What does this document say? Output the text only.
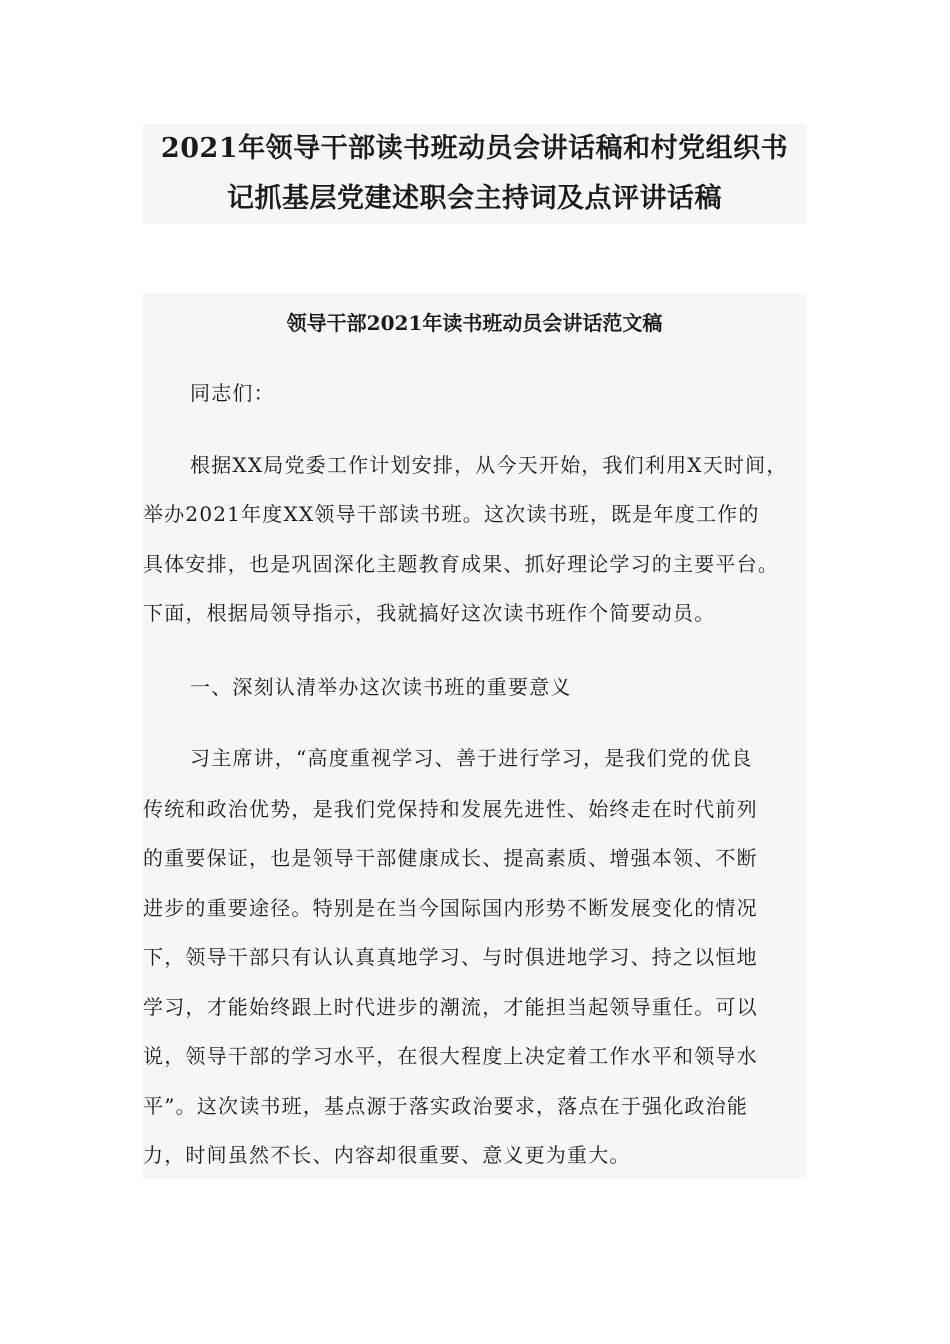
2021年领导干部读书班动员会讲话稿和村党组织书
记抓基层党建述职会主持词及点评讲话稿
领导干部2021年读书班动员会讲话范文稿
同志们：
根据XX局党委工作计划安排，从今天开始，我们利用X天时间，
举办2021年度XX领导干部读书班。这次读书班，既是年度工作的
具体安排，也是巩固深化主题教育成果、抓好理论学习的主要平台。
下面，根据局领导指示，我就搞好这次读书班作个简要动员。
一、深刻认清举办这次读书班的重要意义
习主席讲，“高度重视学习、善于进行学习，是我们党的优良
传统和政治优势，是我们党保持和发展先进性、始终走在时代前列
的重要保证，也是领导干部健康成长、提高素质、增强本领、不断
进步的重要途径。特别是在当今国际国内形势不断发展变化的情况
下，领导干部只有认认真真地学习、与时俱进地学习、持之以恒地
学习，才能始终跟上时代进步的潮流，才能担当起领导重任。可以
说，领导干部的学习水平，在很大程度上决定着工作水平和领导水
平”。这次读书班，基点源于落实政治要求，落点在于强化政治能
力，时间虽然不长、内容却很重要、意义更为重大。
